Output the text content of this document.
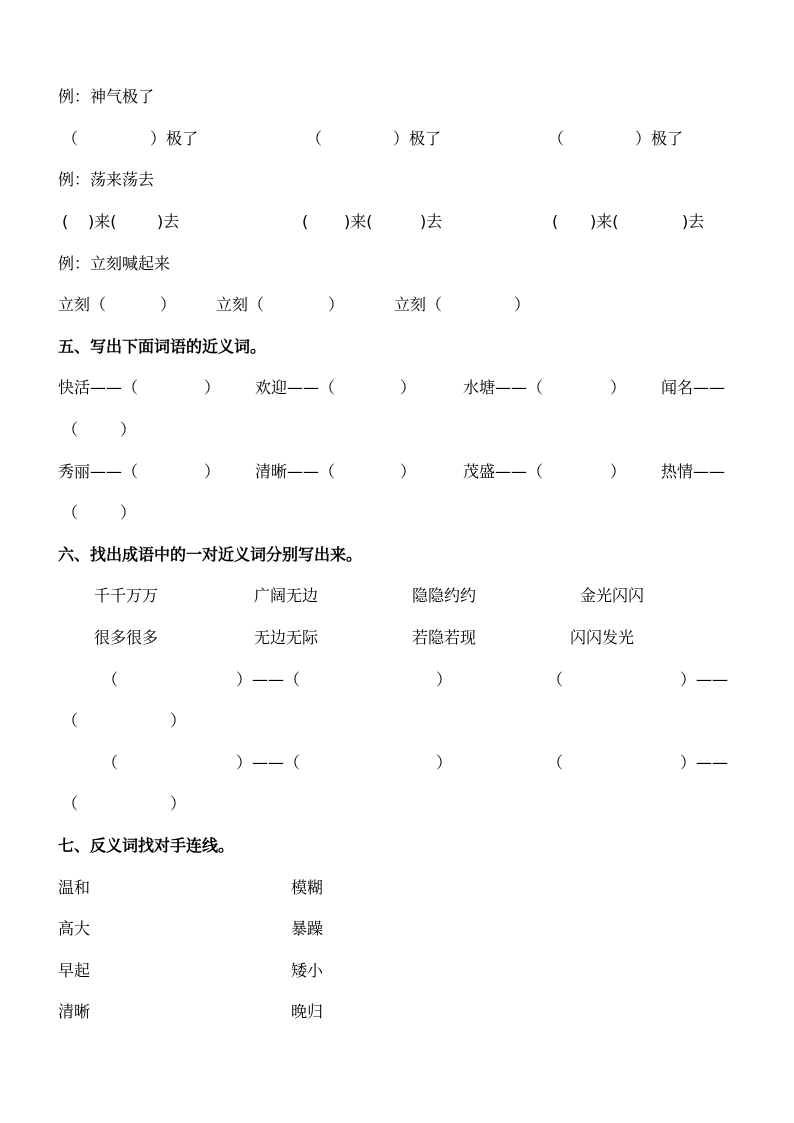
例：神气极了
（	）极了	（	）极了	（	）极了
例：荡来荡去
( )来(	)去	( )来(	)去	( )来(	)去
例：立刻喊起来
立刻（	） 立刻（	）	立刻（	）
五、写出下面词语的近义词。
快活——（	） 欢迎——（	）	水塘——（	） 闻名——
（	）
秀丽——（	） 清晰——（	）	茂盛——（	） 热情——
（	）
六、找出成语中的一对近义词分别写出来。
千千万万	广阔无边	隐隐约约	金光闪闪
很多很多	无边无际	若隐若现	闪闪发光
（	）——（	）	（	）——
（	）
（	）——（	）	（	）——
（	）
七、反义词找对手连线。
温和	模糊
高大	暴躁
早起	矮小
清晰	晚归
